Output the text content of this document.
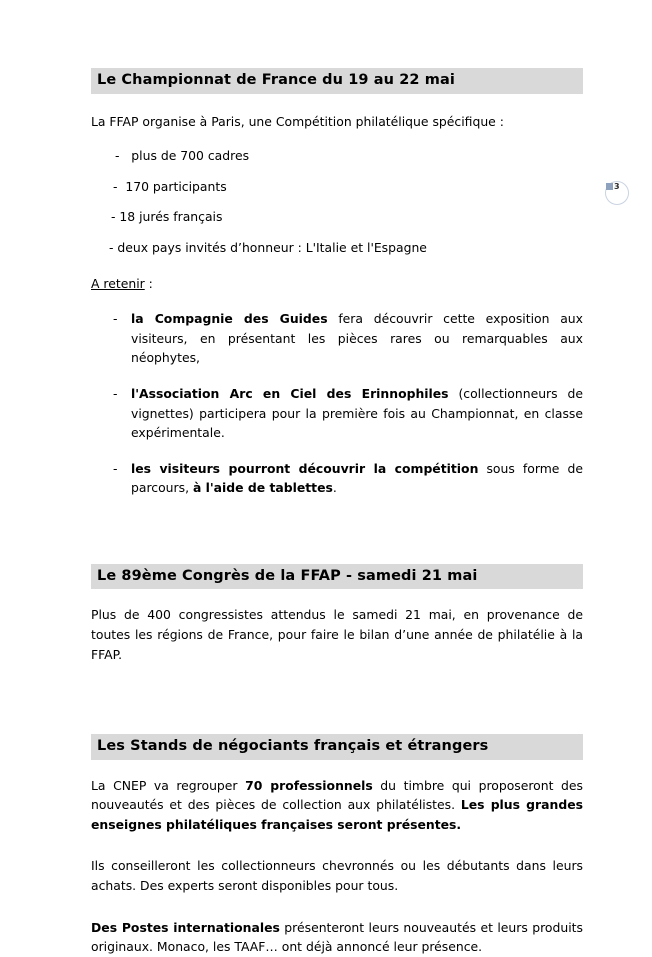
3
Le Championnat de France du 19 au 22 mai

La FFAP organise à Paris, une Compétition philatélique spécifique :

-   plus de 700 cadres
-  170 participants
- 18 jurés français
- deux pays invités d’honneur : L'Italie et l'Espagne

A retenir :

- la Compagnie des Guides fera découvrir cette exposition aux visiteurs, en présentant les pièces rares ou remarquables aux néophytes,

- l'Association Arc en Ciel des Erinnophiles (collectionneurs de vignettes) participera pour la première fois au Championnat, en classe expérimentale.

- les visiteurs pourront découvrir la compétition sous forme de parcours, à l'aide de tablettes.

Le 89ème Congrès de la FFAP - samedi 21 mai

Plus de 400 congressistes attendus le samedi 21 mai, en provenance de toutes les régions de France, pour faire le bilan d’une année de philatélie à la FFAP.

Les Stands de négociants français et étrangers

La CNEP va regrouper 70 professionnels du timbre qui proposeront des nouveautés et des pièces de collection aux philatélistes. Les plus grandes enseignes philatéliques françaises seront présentes.

Ils conseilleront les collectionneurs chevronnés ou les débutants dans leurs achats. Des experts seront disponibles pour tous.

Des Postes internationales présenteront leurs nouveautés et leurs produits originaux. Monaco, les TAAF… ont déjà annoncé leur présence.
